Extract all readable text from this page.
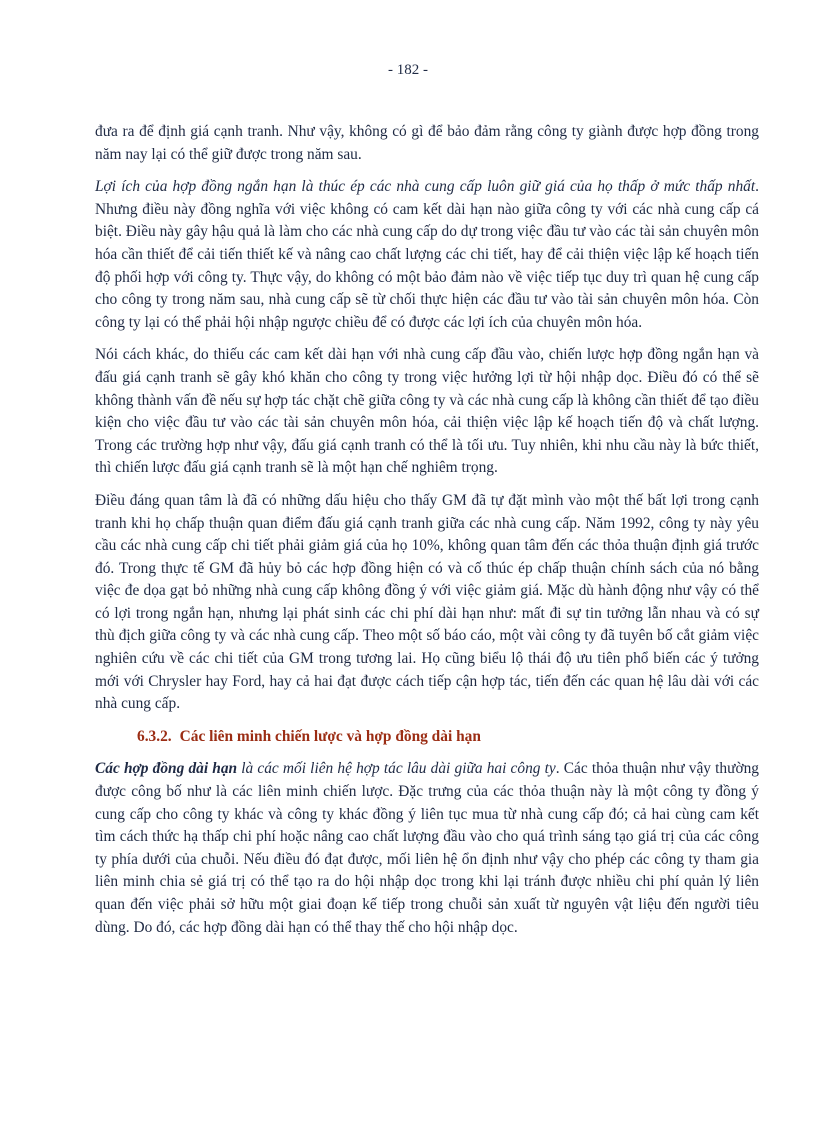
- 182 -

đưa ra để định giá cạnh tranh. Như vậy, không có gì để bảo đảm rằng công ty giành được hợp đồng trong năm nay lại có thể giữ được trong năm sau.

Lợi ích của hợp đồng ngắn hạn là thúc ép các nhà cung cấp luôn giữ giá của họ thấp ở mức thấp nhất. Nhưng điều này đồng nghĩa với việc không có cam kết dài hạn nào giữa công ty với các nhà cung cấp cá biệt. Điều này gây hậu quả là làm cho các nhà cung cấp do dự trong việc đầu tư vào các tài sản chuyên môn hóa cần thiết để cải tiến thiết kế và nâng cao chất lượng các chi tiết, hay để cải thiện việc lập kế hoạch tiến độ phối hợp với công ty. Thực vậy, do không có một bảo đảm nào về việc tiếp tục duy trì quan hệ cung cấp cho công ty trong năm sau, nhà cung cấp sẽ từ chối thực hiện các đầu tư vào tài sản chuyên môn hóa. Còn công ty lại có thể phải hội nhập ngược chiều để có được các lợi ích của chuyên môn hóa.

Nói cách khác, do thiếu các cam kết dài hạn với nhà cung cấp đầu vào, chiến lược hợp đồng ngắn hạn và đấu giá cạnh tranh sẽ gây khó khăn cho công ty trong việc hưởng lợi từ hội nhập dọc. Điều đó có thể sẽ không thành vấn đề nếu sự hợp tác chặt chẽ giữa công ty và các nhà cung cấp là không cần thiết để tạo điều kiện cho việc đầu tư vào các tài sản chuyên môn hóa, cải thiện việc lập kế hoạch tiến độ và chất lượng. Trong các trường hợp như vậy, đấu giá cạnh tranh có thể là tối ưu. Tuy nhiên, khi nhu cầu này là bức thiết, thì chiến lược đấu giá cạnh tranh sẽ là một hạn chế nghiêm trọng.

Điều đáng quan tâm là đã có những dấu hiệu cho thấy GM đã tự đặt mình vào một thế bất lợi trong cạnh tranh khi họ chấp thuận quan điểm đấu giá cạnh tranh giữa các nhà cung cấp. Năm 1992, công ty này yêu cầu các nhà cung cấp chi tiết phải giảm giá của họ 10%, không quan tâm đến các thỏa thuận định giá trước đó. Trong thực tế GM đã hủy bỏ các hợp đồng hiện có và cố thúc ép chấp thuận chính sách của nó bằng việc đe dọa gạt bỏ những nhà cung cấp không đồng ý với việc giảm giá. Mặc dù hành động như vậy có thể có lợi trong ngắn hạn, nhưng lại phát sinh các chi phí dài hạn như: mất đi sự tin tưởng lẫn nhau và có sự thù địch giữa công ty và các nhà cung cấp. Theo một số báo cáo, một vài công ty đã tuyên bố cắt giảm việc nghiên cứu về các chi tiết của GM trong tương lai. Họ cũng biểu lộ thái độ ưu tiên phổ biến các ý tưởng mới với Chrysler hay Ford, hay cả hai đạt được cách tiếp cận hợp tác, tiến đến các quan hệ lâu dài với các nhà cung cấp.

6.3.2. Các liên minh chiến lược và hợp đồng dài hạn

Các hợp đồng dài hạn là các mối liên hệ hợp tác lâu dài giữa hai công ty. Các thỏa thuận như vậy thường được công bố như là các liên minh chiến lược. Đặc trưng của các thỏa thuận này là một công ty đồng ý cung cấp cho công ty khác và công ty khác đồng ý liên tục mua từ nhà cung cấp đó; cả hai cùng cam kết tìm cách thức hạ thấp chi phí hoặc nâng cao chất lượng đầu vào cho quá trình sáng tạo giá trị của các công ty phía dưới của chuỗi. Nếu điều đó đạt được, mối liên hệ ổn định như vậy cho phép các công ty tham gia liên minh chia sẻ giá trị có thể tạo ra do hội nhập dọc trong khi lại tránh được nhiều chi phí quản lý liên quan đến việc phải sở hữu một giai đoạn kế tiếp trong chuỗi sản xuất từ nguyên vật liệu đến người tiêu dùng. Do đó, các hợp đồng dài hạn có thể thay thế cho hội nhập dọc.
